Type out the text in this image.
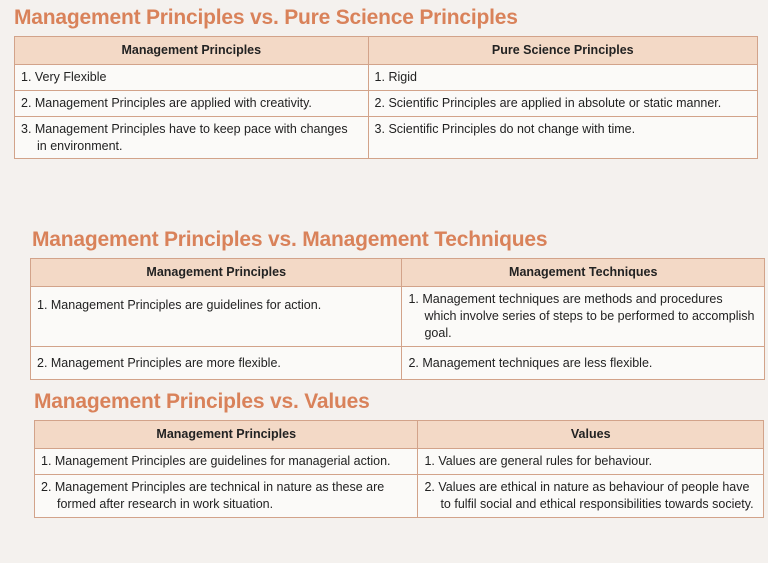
Management Principles vs. Pure Science Principles
Management Principles	Pure Science Principles
1. Very Flexible	1. Rigid
2. Management Principles are applied with creativity.	2. Scientific Principles are applied in absolute or static manner.
3. Management Principles have to keep pace with changes in environment.	3. Scientific Principles do not change with time.
Management Principles vs. Management Techniques
Management Principles	Management Techniques
1. Management Principles are guidelines for action.	1. Management techniques are methods and procedures which involve series of steps to be performed to accomplish goal.
2. Management Principles are more flexible.	2. Management techniques are less flexible.
Management Principles vs. Values
Management Principles	Values
1. Management Principles are guidelines for managerial action.	1. Values are general rules for behaviour.
2. Management Principles are technical in nature as these are formed after research in work situation.	2. Values are ethical in nature as behaviour of people have to fulfil social and ethical responsibilities towards society.
